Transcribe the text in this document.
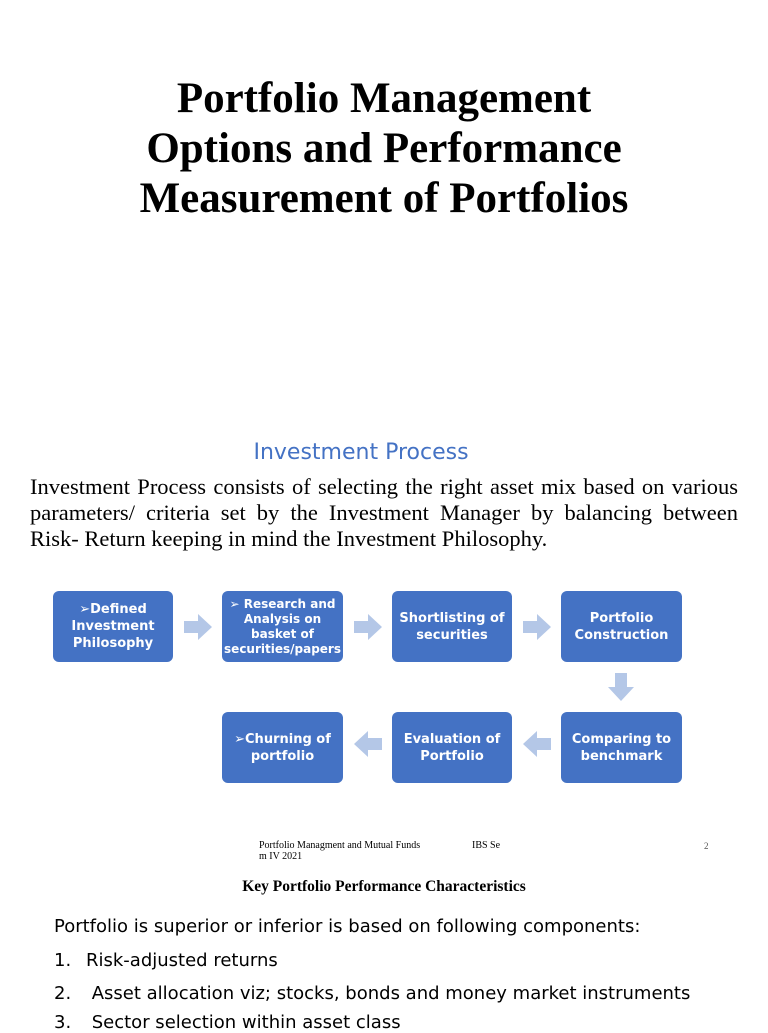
Portfolio Management
Options and Performance
Measurement of Portfolios
Investment Process
Investment Process consists of selecting the right asset mix based on various parameters/ criteria set by the Investment Manager by balancing between Risk- Return keeping in mind the Investment Philosophy.
➢Defined Investment Philosophy
➢ Research and Analysis on basket of securities/papers
Shortlisting of securities
Portfolio Construction
Comparing to benchmark
Evaluation of Portfolio
➢Churning of portfolio
Portfolio Managment and Mutual Funds	IBS Se
m IV 2021
2
Key Portfolio Performance Characteristics
Portfolio is superior or inferior is based on following components:
1. Risk-adjusted returns
2. Asset allocation viz; stocks, bonds and money market instruments
3. Sector selection within asset class
